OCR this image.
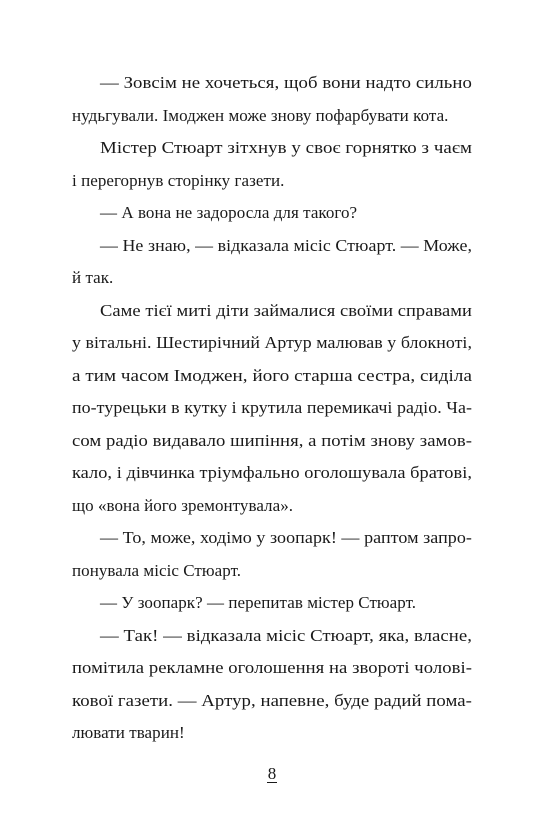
— Зовсім не хочеться, щоб вони надто сильно
нудьгували. Імоджен може знову пофарбувати кота.
Містер Стюарт зітхнув у своє горнятко з чаєм
і перегорнув сторінку газети.
— А вона не задоросла для такого?
— Не знаю, — відказала місіс Стюарт. — Може,
й так.
Саме тієї миті діти займалися своїми справами
у вітальні. Шестирічний Артур малював у блокноті,
а тим часом Імоджен, його старша сестра, сиділа
по-турецьки в кутку і крутила перемикачі радіо. Ча-
сом радіо видавало шипіння, а потім знову замов-
кало, і дівчинка тріумфально оголошувала братові,
що «вона його зремонтувала».
— То, може, ходімо у зоопарк! — раптом запро-
понувала місіс Стюарт.
— У зоопарк? — перепитав містер Стюарт.
— Так! — відказала місіс Стюарт, яка, власне,
помітила рекламне оголошення на звороті чолові-
кової газети. — Артур, напевне, буде радий пома-
8
лювати тварин!
